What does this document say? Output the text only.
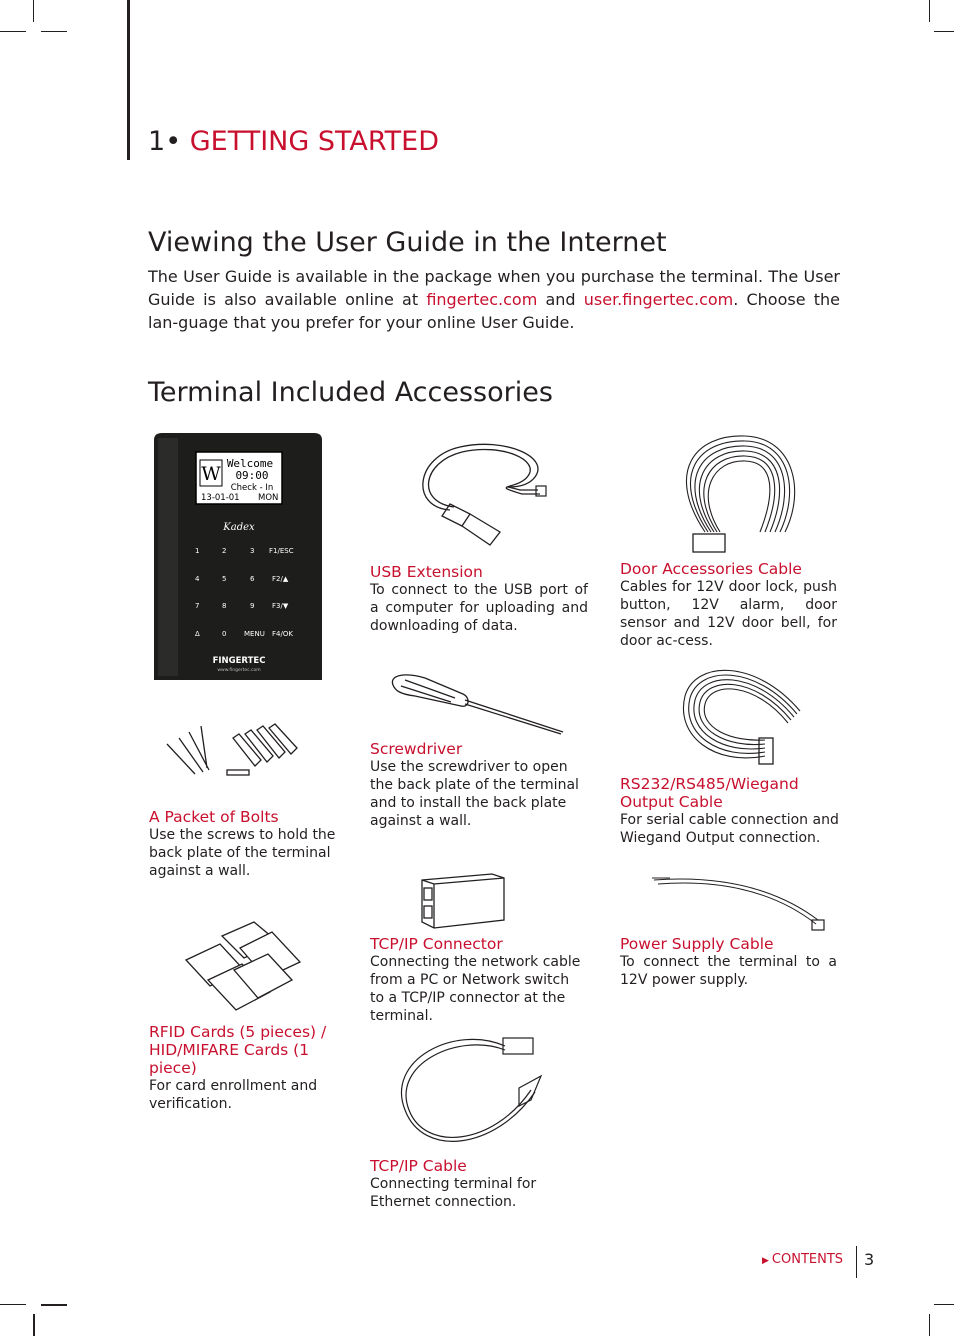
1• GETTING STARTED
Viewing the User Guide in the Internet

The User Guide is available in the package when you purchase the terminal. The User Guide is also available online at fingertec.com and user.fingertec.com. Choose the lan-guage that you prefer for your online User Guide.

Terminal Included Accessories
W Welcome
09:00
Check - In
13-01-01 MON
Kadex
1	2	3 F1/ESC
4	5	6	F2/▲
7	8	9	F3/▼
Δ	0	MENU F4/OK
FINGERTEC
www.fingertec.com
USB Extension
To connect to the USB port of a computer for uploading and downloading of data.
Door Accessories Cable
Cables for 12V door lock, push button, 12V alarm, door sensor and 12V door bell, for door ac-cess.
Screwdriver
Use the screwdriver to open the back plate of the terminal and to install the back plate against a wall.
A Packet of Bolts
Use the screws to hold the back plate of the terminal against a wall.
RS232/RS485/Wiegand Output Cable
For serial cable connection and Wiegand Output connection.
TCP/IP Connector
Connecting the network cable from a PC or Network switch to a TCP/IP connector at the terminal.
Power Supply Cable
To connect the terminal to a 12V power supply.
RFID Cards (5 pieces) / HID/MIFARE Cards (1 piece)
For card enrollment and verification.
TCP/IP Cable
Connecting terminal for Ethernet connection.
▶ CONTENTS 3
